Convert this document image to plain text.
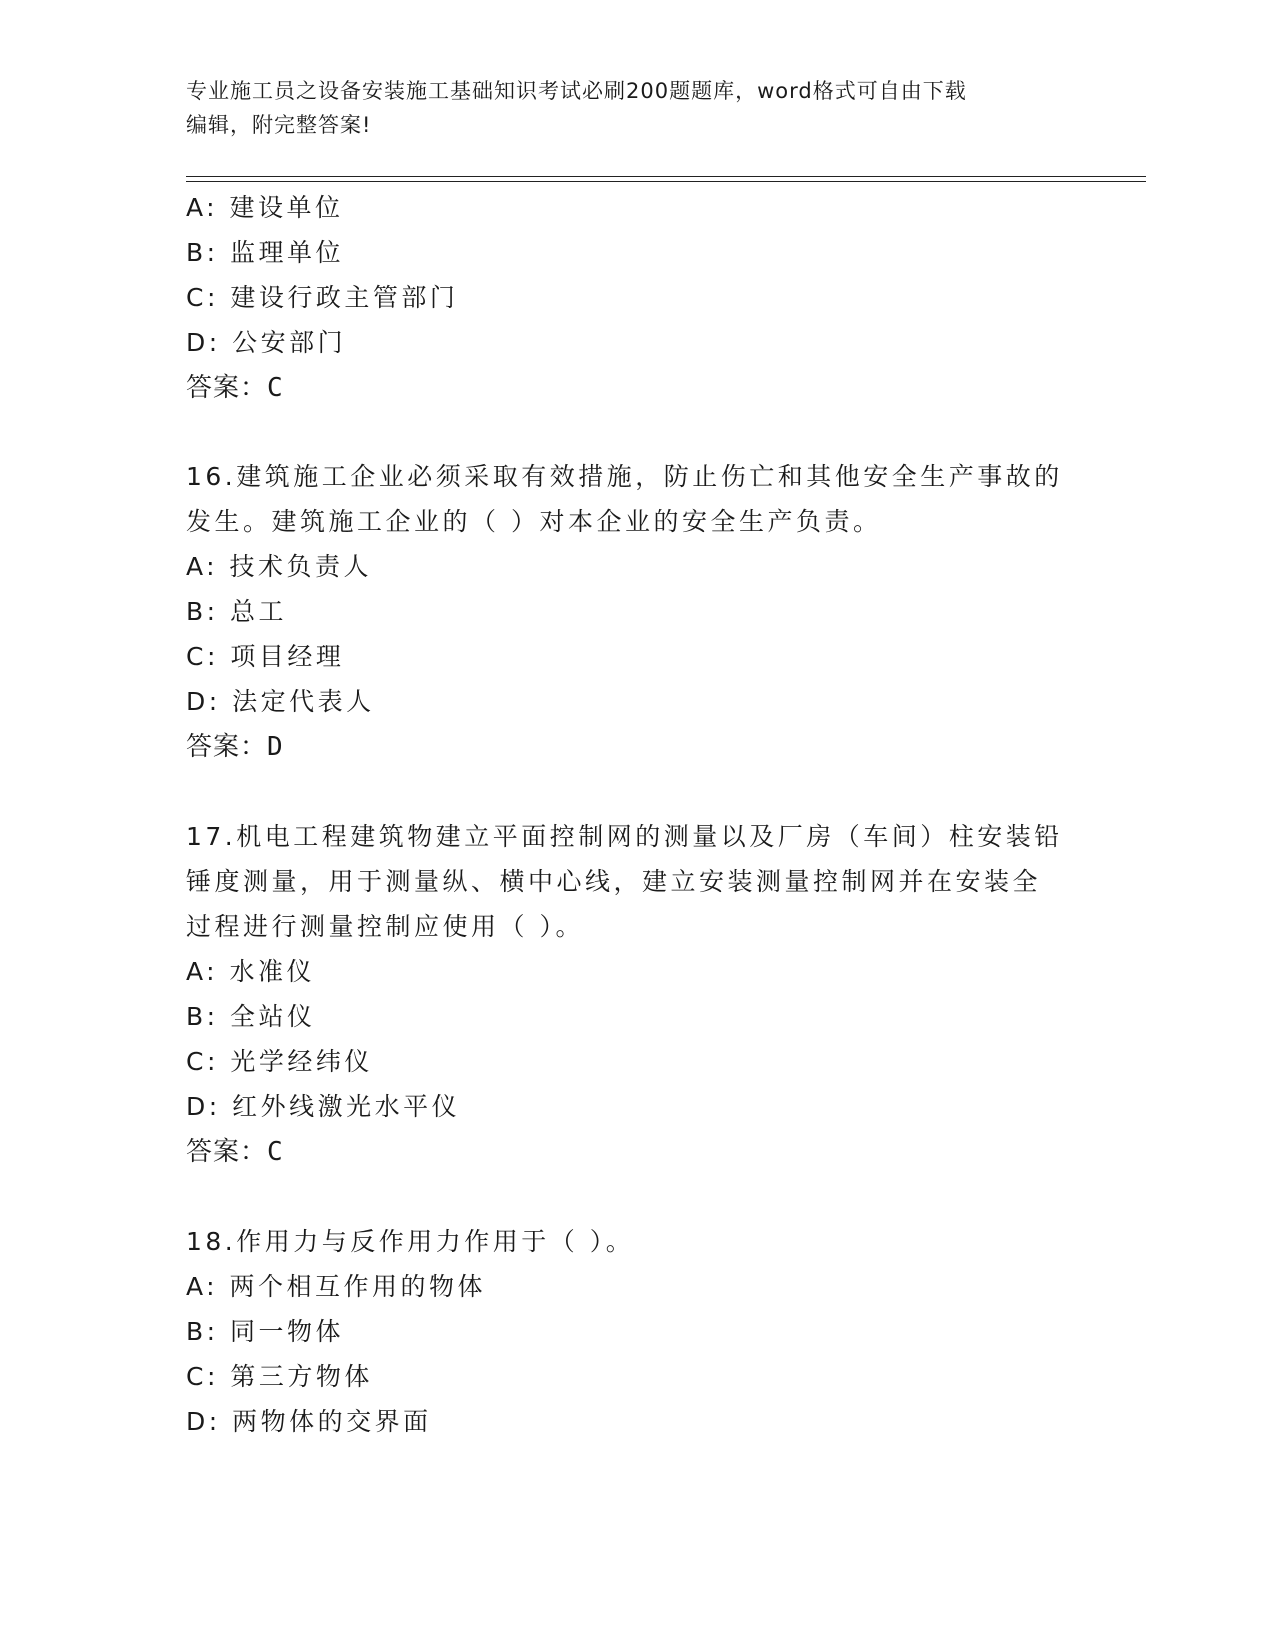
专业施工员之设备安装施工基础知识考试必刷200题题库，word格式可自由下载
编辑，附完整答案!
A: 建设单位
B: 监理单位
C: 建设行政主管部门
D: 公安部门
答案：C
16.建筑施工企业必须采取有效措施，防止伤亡和其他安全生产事故的
发生。建筑施工企业的（ ）对本企业的安全生产负责。
A: 技术负责人
B: 总工
C: 项目经理
D: 法定代表人
答案：D
17.机电工程建筑物建立平面控制网的测量以及厂房（车间）柱安装铅
锤度测量，用于测量纵、横中心线，建立安装测量控制网并在安装全
过程进行测量控制应使用（ ）。
A: 水准仪
B: 全站仪
C: 光学经纬仪
D: 红外线激光水平仪
答案：C
18.作用力与反作用力作用于（ ）。
A: 两个相互作用的物体
B: 同一物体
C: 第三方物体
D: 两物体的交界面
